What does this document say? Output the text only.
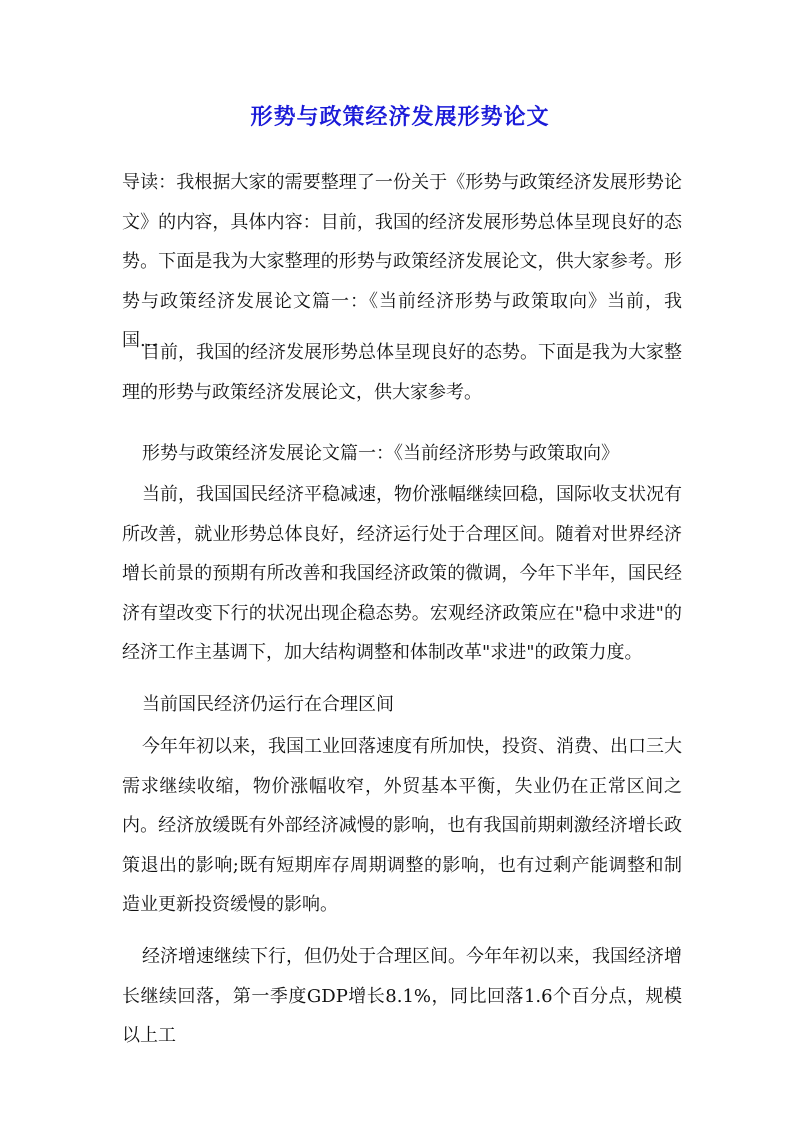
形势与政策经济发展形势论文
导读：我根据大家的需要整理了一份关于《形势与政策经济发展形势论文》的内容，具体内容：目前，我国的经济发展形势总体呈现良好的态势。下面是我为大家整理的形势与政策经济发展论文，供大家参考。形势与政策经济发展论文篇一：《当前经济形势与政策取向》当前，我国...
目前，我国的经济发展形势总体呈现良好的态势。下面是我为大家整理的形势与政策经济发展论文，供大家参考。
形势与政策经济发展论文篇一：《当前经济形势与政策取向》
当前，我国国民经济平稳减速，物价涨幅继续回稳，国际收支状况有所改善，就业形势总体良好，经济运行处于合理区间。随着对世界经济增长前景的预期有所改善和我国经济政策的微调，今年下半年，国民经济有望改变下行的状况出现企稳态势。宏观经济政策应在"稳中求进"的经济工作主基调下，加大结构调整和体制改革"求进"的政策力度。
当前国民经济仍运行在合理区间
今年年初以来，我国工业回落速度有所加快，投资、消费、出口三大需求继续收缩，物价涨幅收窄，外贸基本平衡，失业仍在正常区间之内。经济放缓既有外部经济减慢的影响，也有我国前期刺激经济增长政策退出的影响;既有短期库存周期调整的影响，也有过剩产能调整和制造业更新投资缓慢的影响。
经济增速继续下行，但仍处于合理区间。今年年初以来，我国经济增长继续回落，第一季度GDP增长8.1%，同比回落1.6个百分点，规模以上工
